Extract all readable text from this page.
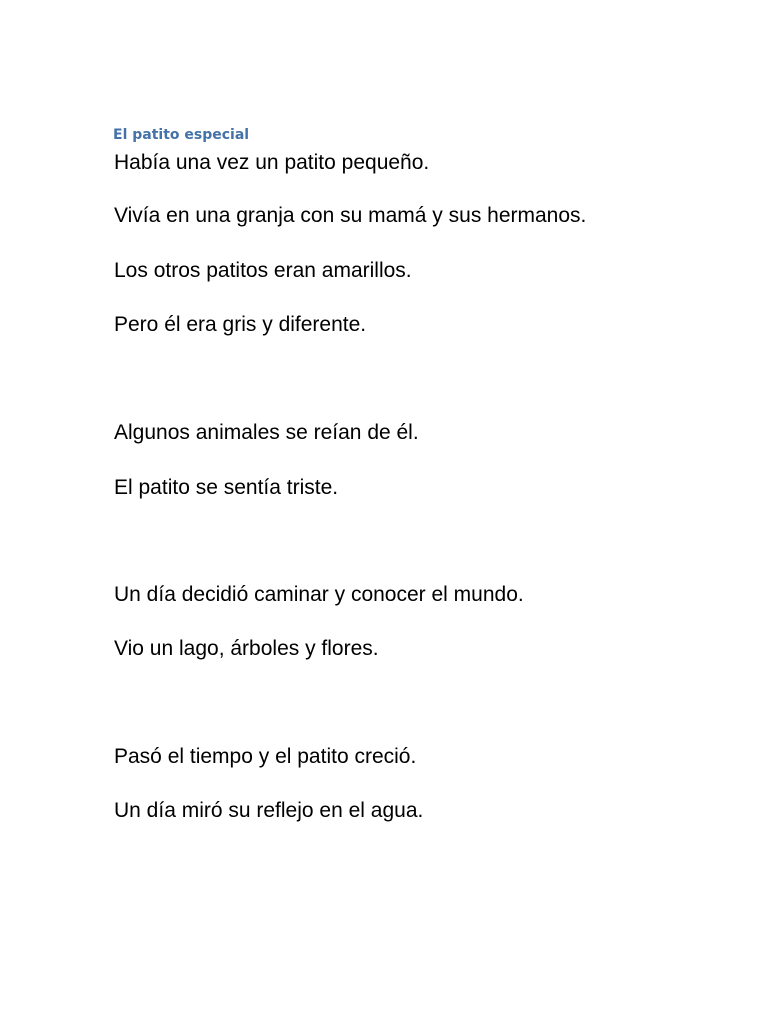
El patito especial

Había una vez un patito pequeño.

Vivía en una granja con su mamá y sus hermanos.

Los otros patitos eran amarillos.

Pero él era gris y diferente.

Algunos animales se reían de él.

El patito se sentía triste.

Un día decidió caminar y conocer el mundo.

Vio un lago, árboles y flores.

Pasó el tiempo y el patito creció.

Un día miró su reflejo en el agua.
